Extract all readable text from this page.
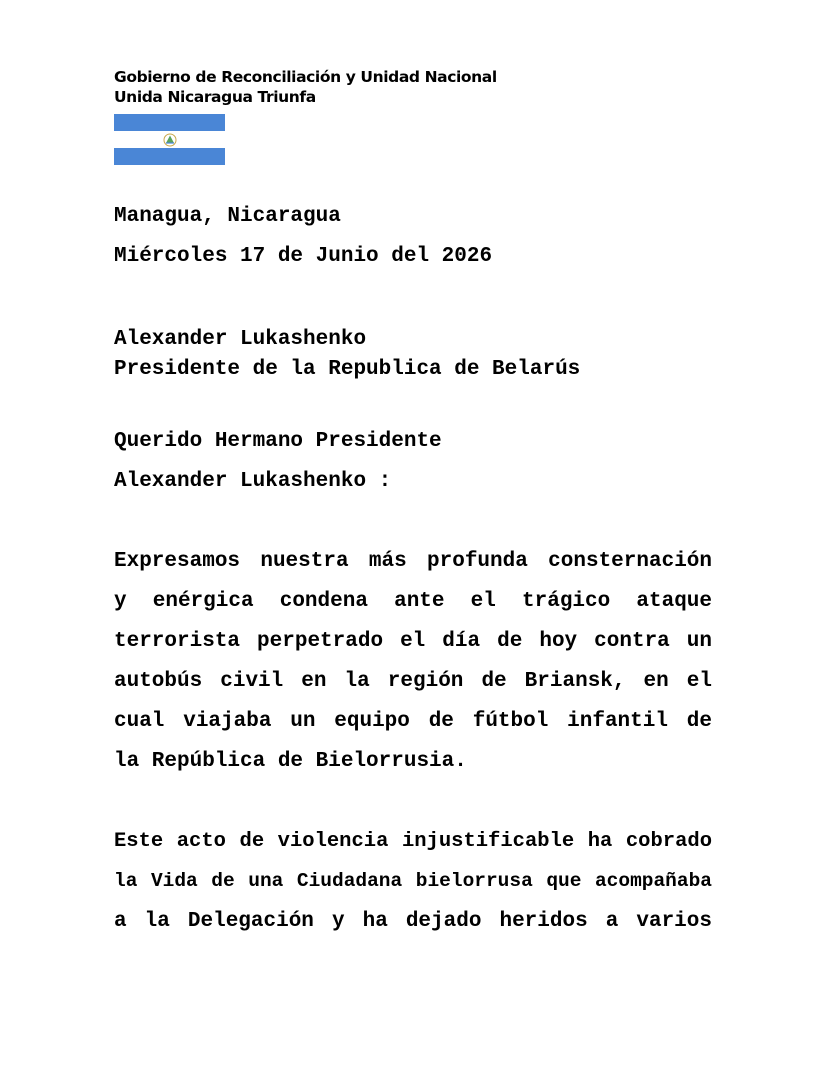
Gobierno de Reconciliación y Unidad Nacional
Unida Nicaragua Triunfa
Managua, Nicaragua
Miércoles 17 de Junio del 2026
Alexander Lukashenko
Presidente de la Republica de Belarús
Querido Hermano Presidente
Alexander Lukashenko :
Expresamos nuestra más profunda consternación
y enérgica condena ante el trágico ataque
terrorista perpetrado el día de hoy contra un
autobús civil en la región de Briansk, en el
cual viajaba un equipo de fútbol infantil de
la República de Bielorrusia.
Este acto de violencia injustificable ha cobrado
la Vida de una Ciudadana bielorrusa que acompañaba
a la Delegación y ha dejado heridos a varios
